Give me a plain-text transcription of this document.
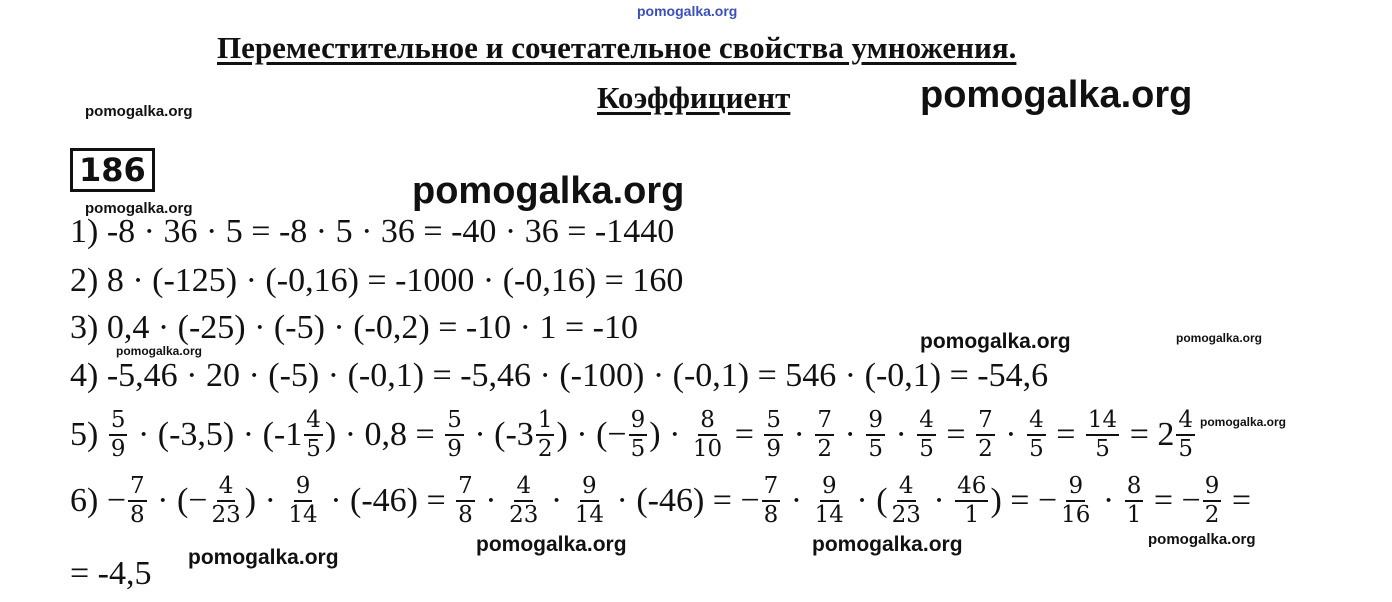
pomogalka.org
pomogalka.org	pomogalka.org
pomogalka.org	pomogalka.org
pomogalka.org	pomogalka.org	pomogalka.org
pomogalka.org
pomogalka.org
pomogalka.org	pomogalka.org	pomogalka.org
Переместительное и сочетательное свойства умножения.
Коэффициент
186
1) -8 · 36 · 5 = -8 · 5 · 36 = -40 · 36 = -1440
2) 8 · (-125) · (-0,16) = -1000 · (-0,16) = 160
3) 0,4 · (-25) · (-5) · (-0,2) = -10 · 1 = -10
4) -5,46 · 20 · (-5) · (-0,1) = -5,46 · (-100) · (-0,1) = 546 · (-0,1) = -54,6
$5) \frac{5}{9} \cdot (-3,5) \cdot (-1 \frac{4}{5}$ ) · $0,8 = \frac{5}{9} \cdot (-3 \frac{1}{2}$ ) · (− $\frac{9}{5}$ ) · $\frac{8}{10} = \frac{5}{9} \cdot \frac{7}{2} \cdot \frac{9}{5} \cdot \frac{4}{5} = \frac{7}{2} \cdot \frac{4}{5} = \frac{14}{5} = 2 \frac{4}{5}$
$6) - \frac{7}{8}$ · (− $\frac{4}{23}$ ) · $\frac{9}{14} \cdot (-46) = \frac{7}{8} \cdot \frac{4}{23} \cdot \frac{9}{14} \cdot (-46)$ = − $\frac{7}{8} \cdot \frac{9}{14}$ · ( $\frac{4}{23} \cdot \frac{46}{1}$ ) = − $\frac{9}{16} \cdot \frac{8}{1}$ = − $\frac{9}{2}$ =
= -4,5
